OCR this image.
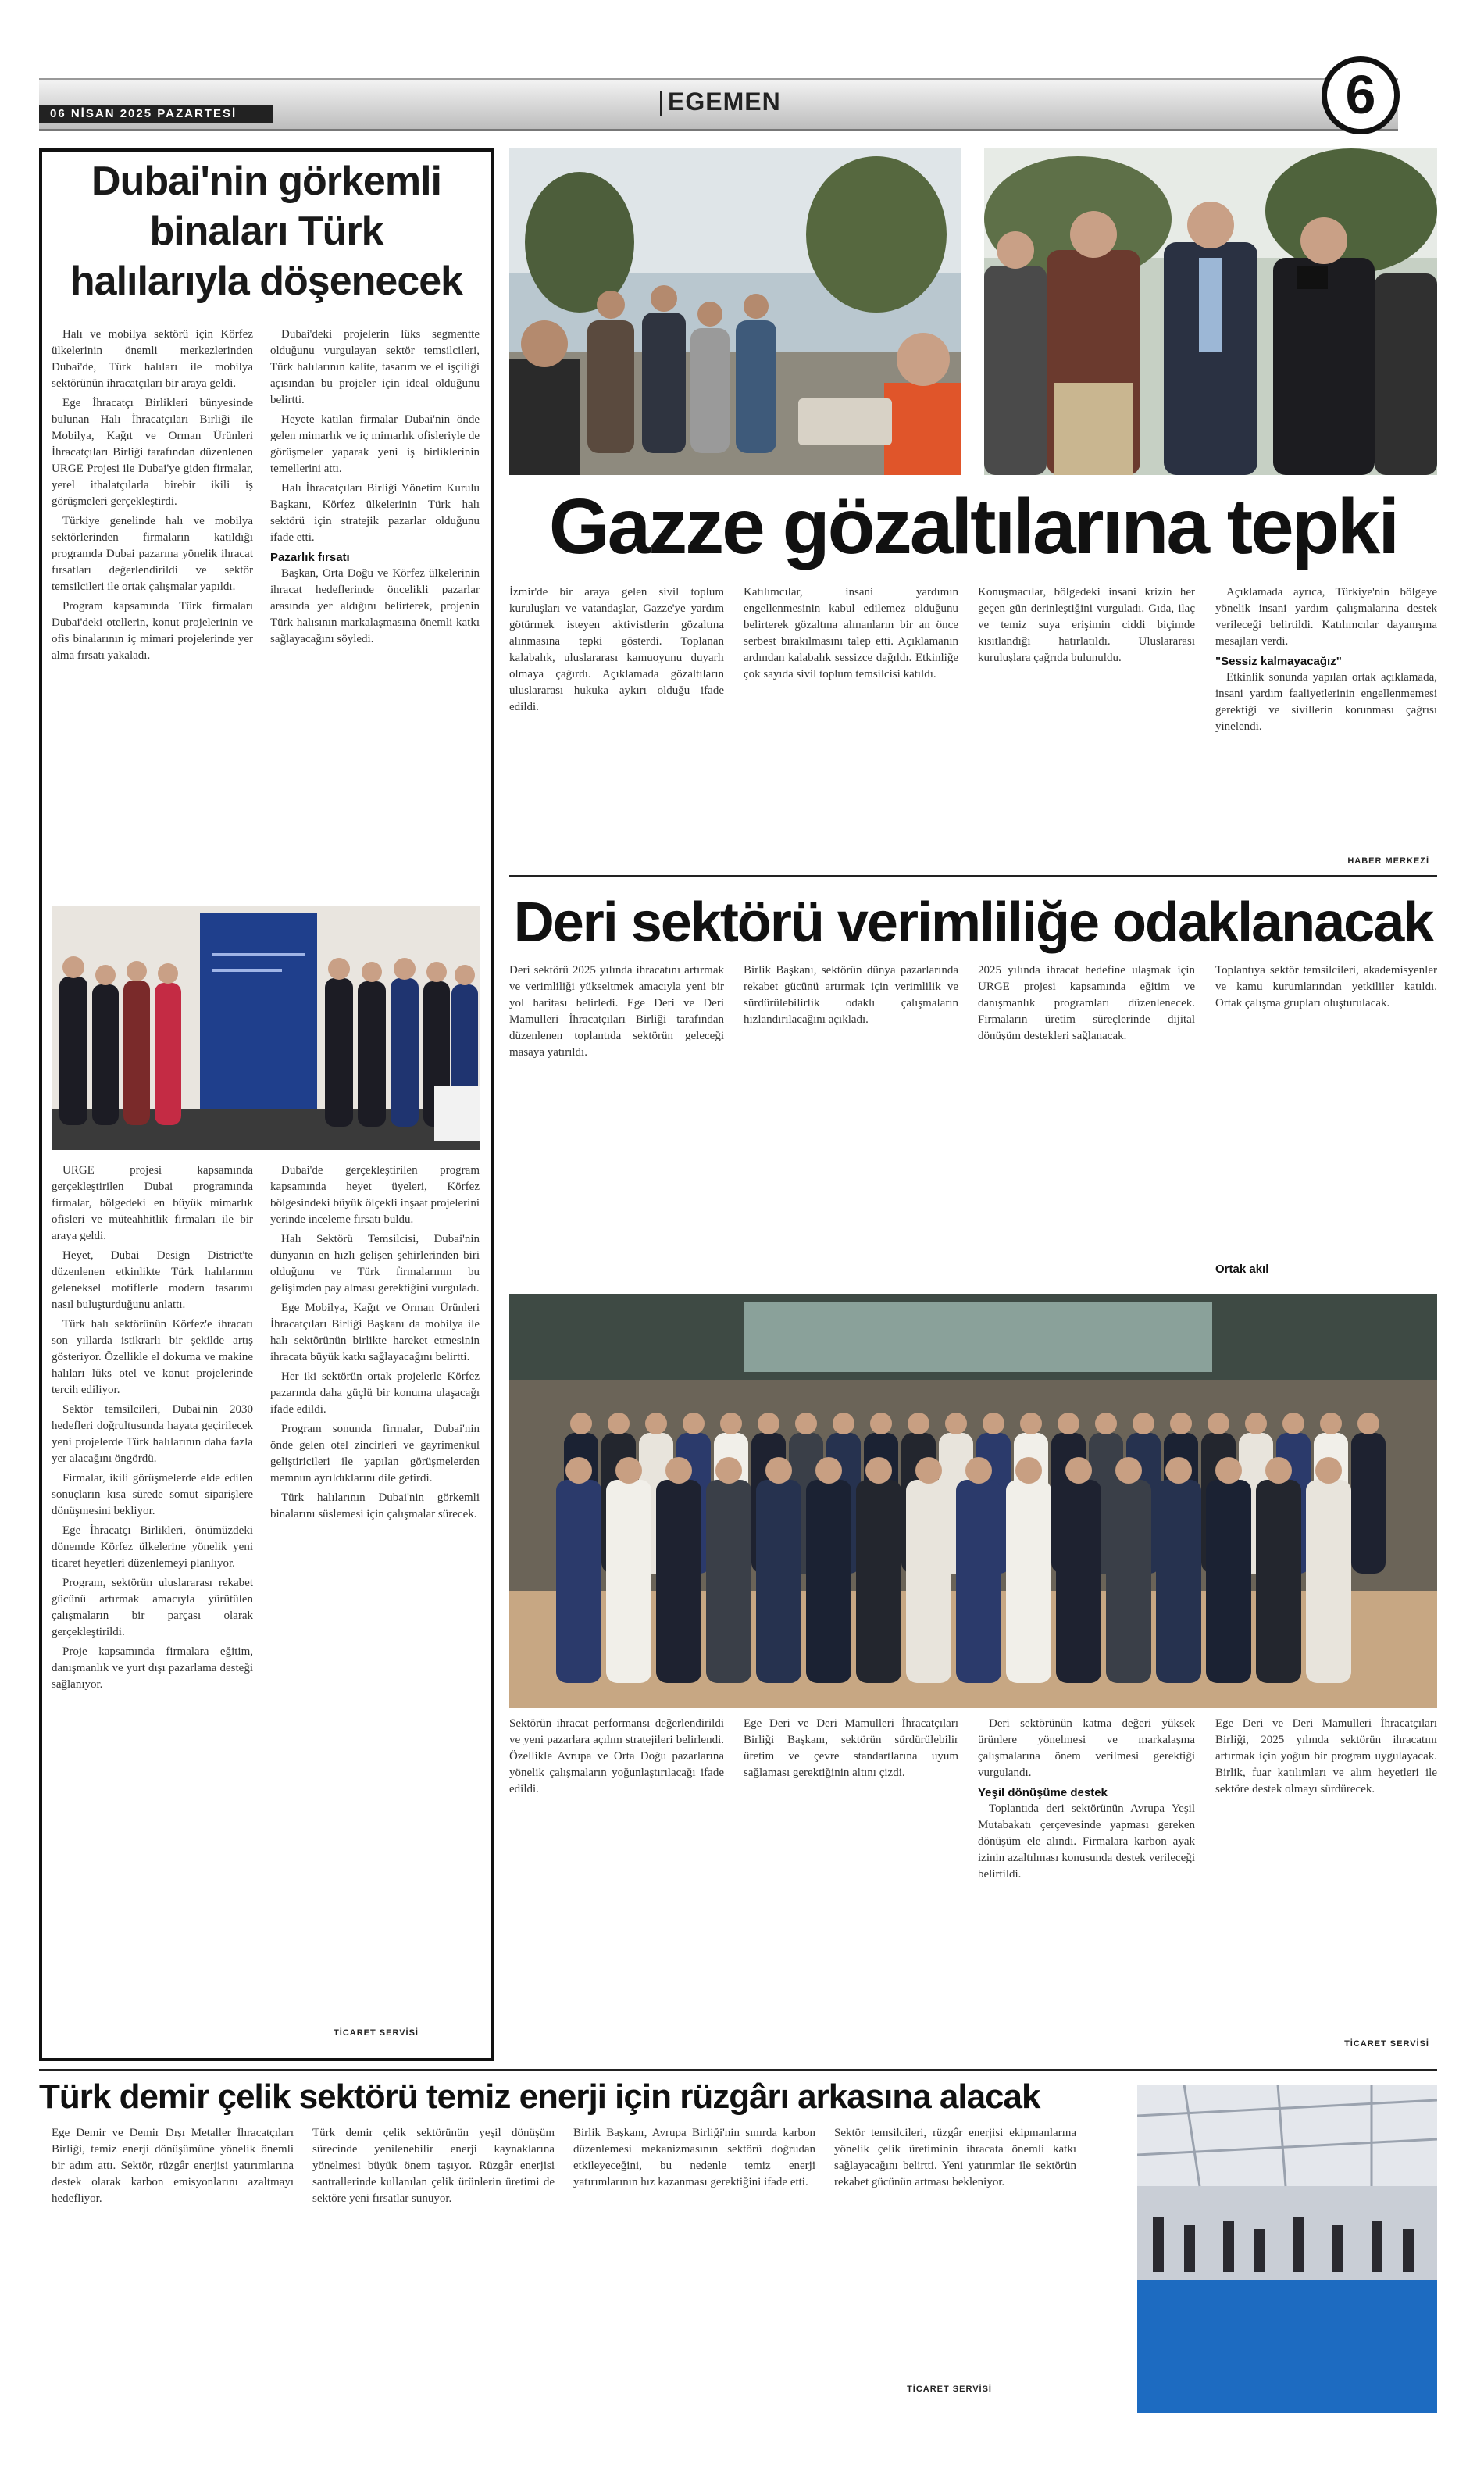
06 NİSAN 2025 PAZARTESİ	EGEMEN	6
Dubai'nin görkemli binaları Türk halılarıyla döşenecek

Halı ve mobilya sektörü için Körfez ülkelerinin önemli merkezlerinden Dubai'de, Türk halıları ile mobilya sektörünün ihracatçıları bir araya geldi.

Ege İhracatçı Birlikleri bünyesinde bulunan Halı İhracatçıları Birliği ile Mobilya, Kağıt ve Orman Ürünleri İhracatçıları Birliği tarafından düzenlenen URGE Projesi ile Dubai'ye giden firmalar, yerel ithalatçılarla birebir ikili iş görüşmeleri gerçekleştirdi.

Türkiye genelinde halı ve mobilya sektörlerinden firmaların katıldığı programda Dubai pazarına yönelik ihracat fırsatları değerlendirildi ve sektör temsilcileri ile ortak çalışmalar yapıldı.

Program kapsamında Türk firmaları Dubai'deki otellerin, konut projelerinin ve ofis binalarının iç mimari projelerinde yer alma fırsatı yakaladı.

Dubai'deki projelerin lüks segmentte olduğunu vurgulayan sektör temsilcileri, Türk halılarının kalite, tasarım ve el işçiliği açısından bu projeler için ideal olduğunu belirtti.

Heyete katılan firmalar Dubai'nin önde gelen mimarlık ve iç mimarlık ofisleriyle de görüşmeler yaparak yeni iş birliklerinin temellerini attı.

Halı İhracatçıları Birliği Yönetim Kurulu Başkanı, Körfez ülkelerinin Türk halı sektörü için stratejik pazarlar olduğunu ifade etti.

Pazarlık fırsatı

Başkan, Orta Doğu ve Körfez ülkelerinin ihracat hedeflerinde öncelikli pazarlar arasında yer aldığını belirterek, projenin Türk halısının markalaşmasına önemli katkı sağlayacağını söyledi.

URGE projesi kapsamında gerçekleştirilen Dubai programında firmalar, bölgedeki en büyük mimarlık ofisleri ve müteahhitlik firmaları ile bir araya geldi.

Heyet, Dubai Design District'te düzenlenen etkinlikte Türk halılarının geleneksel motiflerle modern tasarımı nasıl buluşturduğunu anlattı.

Türk halı sektörünün Körfez'e ihracatı son yıllarda istikrarlı bir şekilde artış gösteriyor. Özellikle el dokuma ve makine halıları lüks otel ve konut projelerinde tercih ediliyor.

Sektör temsilcileri, Dubai'nin 2030 hedefleri doğrultusunda hayata geçirilecek yeni projelerde Türk halılarının daha fazla yer alacağını öngördü.

Firmalar, ikili görüşmelerde elde edilen sonuçların kısa sürede somut siparişlere dönüşmesini bekliyor.

Ege İhracatçı Birlikleri, önümüzdeki dönemde Körfez ülkelerine yönelik yeni ticaret heyetleri düzenlemeyi planlıyor.

Program, sektörün uluslararası rekabet gücünü artırmak amacıyla yürütülen çalışmaların bir parçası olarak gerçekleştirildi.

Proje kapsamında firmalara eğitim, danışmanlık ve yurt dışı pazarlama desteği sağlanıyor.

Dubai'de gerçekleştirilen program kapsamında heyet üyeleri, Körfez bölgesindeki büyük ölçekli inşaat projelerini yerinde inceleme fırsatı buldu.

Halı Sektörü Temsilcisi, Dubai'nin dünyanın en hızlı gelişen şehirlerinden biri olduğunu ve Türk firmalarının bu gelişimden pay alması gerektiğini vurguladı.

Ege Mobilya, Kağıt ve Orman Ürünleri İhracatçıları Birliği Başkanı da mobilya ile halı sektörünün birlikte hareket etmesinin ihracata büyük katkı sağlayacağını belirtti.

Her iki sektörün ortak projelerle Körfez pazarında daha güçlü bir konuma ulaşacağı ifade edildi.

Program sonunda firmalar, Dubai'nin önde gelen otel zincirleri ve gayrimenkul geliştiricileri ile yapılan görüşmelerden memnun ayrıldıklarını dile getirdi.

Türk halılarının Dubai'nin görkemli binalarını süslemesi için çalışmalar sürecek.

TİCARET SERVİSİ
Gazze gözaltılarına tepki
İzmir'de bir araya gelen sivil toplum kuruluşları ve vatandaşlar, Gazze'ye yardım götürmek isteyen aktivistlerin gözaltına alınmasına tepki gösterdi. Toplanan kalabalık, uluslararası kamuoyunu duyarlı olmaya çağırdı. Açıklamada gözaltıların uluslararası hukuka aykırı olduğu ifade edildi.
Katılımcılar, insani yardımın engellenmesinin kabul edilemez olduğunu belirterek gözaltına alınanların bir an önce serbest bırakılmasını talep etti. Açıklamanın ardından kalabalık sessizce dağıldı. Etkinliğe çok sayıda sivil toplum temsilcisi katıldı.
Konuşmacılar, bölgedeki insani krizin her geçen gün derinleştiğini vurguladı. Gıda, ilaç ve temiz suya erişimin ciddi biçimde kısıtlandığı hatırlatıldı. Uluslararası kuruluşlara çağrıda bulunuldu.

Açıklamada ayrıca, Türkiye'nin bölgeye yönelik insani yardım çalışmalarına destek verileceği belirtildi. Katılımcılar dayanışma mesajları verdi.

"Sessiz kalmayacağız"

Etkinlik sonunda yapılan ortak açıklamada, insani yardım faaliyetlerinin engellenmemesi gerektiği ve sivillerin korunması çağrısı yinelendi.

HABER MERKEZİ
Deri sektörü verimliliğe odaklanacak
Deri sektörü 2025 yılında ihracatını artırmak ve verimliliği yükseltmek amacıyla yeni bir yol haritası belirledi. Ege Deri ve Deri Mamulleri İhracatçıları Birliği tarafından düzenlenen toplantıda sektörün geleceği masaya yatırıldı.
Birlik Başkanı, sektörün dünya pazarlarında rekabet gücünü artırmak için verimlilik ve sürdürülebilirlik odaklı çalışmaların hızlandırılacağını açıkladı.
2025 yılında ihracat hedefine ulaşmak için URGE projesi kapsamında eğitim ve danışmanlık programları düzenlenecek. Firmaların üretim süreçlerinde dijital dönüşüm destekleri sağlanacak.
Toplantıya sektör temsilcileri, akademisyenler ve kamu kurumlarından yetkililer katıldı. Ortak çalışma grupları oluşturulacak.
Ortak akıl
Sektörün ihracat performansı değerlendirildi ve yeni pazarlara açılım stratejileri belirlendi. Özellikle Avrupa ve Orta Doğu pazarlarına yönelik çalışmaların yoğunlaştırılacağı ifade edildi.
Ege Deri ve Deri Mamulleri İhracatçıları Birliği Başkanı, sektörün sürdürülebilir üretim ve çevre standartlarına uyum sağlaması gerektiğinin altını çizdi.

Deri sektörünün katma değeri yüksek ürünlere yönelmesi ve markalaşma çalışmalarına önem verilmesi gerektiği vurgulandı.

Yeşil dönüşüme destek

Toplantıda deri sektörünün Avrupa Yeşil Mutabakatı çerçevesinde yapması gereken dönüşüm ele alındı. Firmalara karbon ayak izinin azaltılması konusunda destek verileceği belirtildi.

Ege Deri ve Deri Mamulleri İhracatçıları Birliği, 2025 yılında sektörün ihracatını artırmak için yoğun bir program uygulayacak. Birlik, fuar katılımları ve alım heyetleri ile sektöre destek olmayı sürdürecek.
TİCARET SERVİSİ
Türk demir çelik sektörü temiz enerji için rüzgârı arkasına alacak
Ege Demir ve Demir Dışı Metaller İhracatçıları Birliği, temiz enerji dönüşümüne yönelik önemli bir adım attı. Sektör, rüzgâr enerjisi yatırımlarına destek olarak karbon emisyonlarını azaltmayı hedefliyor.
Türk demir çelik sektörünün yeşil dönüşüm sürecinde yenilenebilir enerji kaynaklarına yönelmesi büyük önem taşıyor. Rüzgâr enerjisi santrallerinde kullanılan çelik ürünlerin üretimi de sektöre yeni fırsatlar sunuyor.
Birlik Başkanı, Avrupa Birliği'nin sınırda karbon düzenlemesi mekanizmasının sektörü doğrudan etkileyeceğini, bu nedenle temiz enerji yatırımlarının hız kazanması gerektiğini ifade etti.
Sektör temsilcileri, rüzgâr enerjisi ekipmanlarına yönelik çelik üretiminin ihracata önemli katkı sağlayacağını belirtti. Yeni yatırımlar ile sektörün rekabet gücünün artması bekleniyor.
TİCARET SERVİSİ
